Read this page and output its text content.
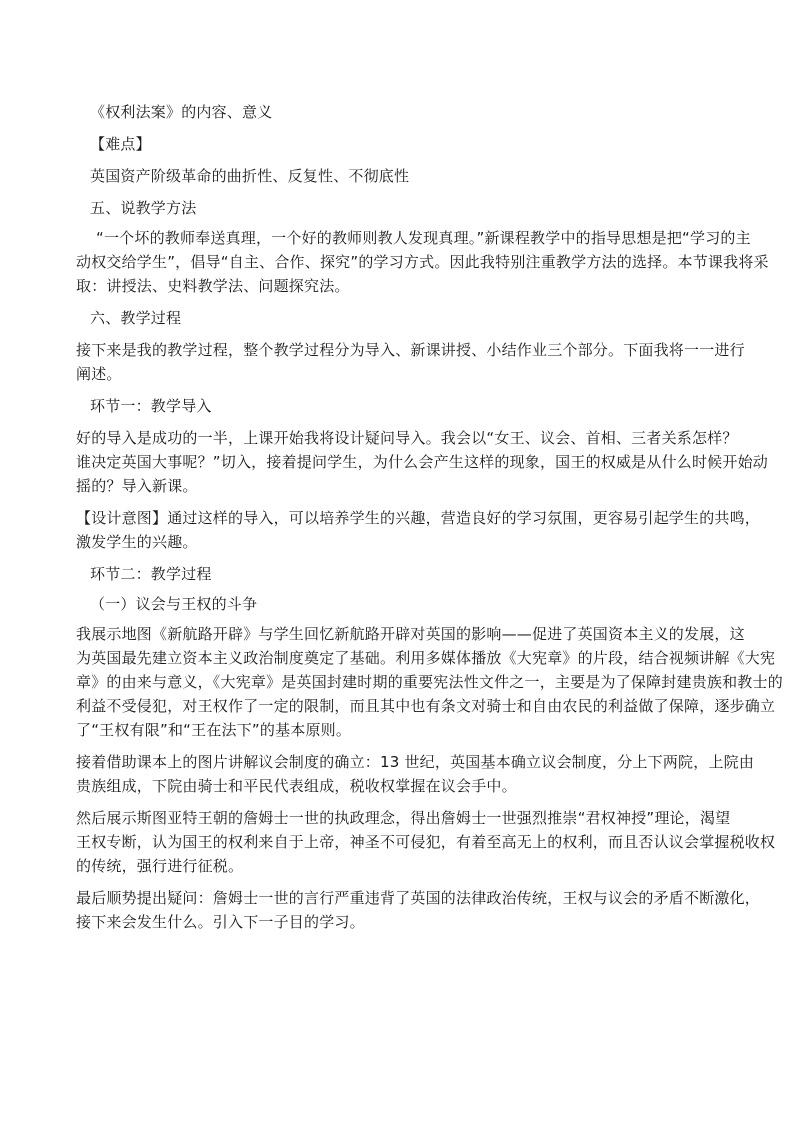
《权利法案》的内容、意义

【难点】

英国资产阶级革命的曲折性、反复性、不彻底性

五、说教学方法

“一个坏的教师奉送真理，一个好的教师则教人发现真理。”新课程教学中的指导思想是把“学习的主

动权交给学生”，倡导“自主、合作、探究”的学习方式。因此我特别注重教学方法的选择。本节课我将采

取：讲授法、史料教学法、问题探究法。

六、教学过程

接下来是我的教学过程，整个教学过程分为导入、新课讲授、小结作业三个部分。下面我将一一进行

阐述。

环节一：教学导入

好的导入是成功的一半，上课开始我将设计疑问导入。我会以“女王、议会、首相、三者关系怎样？

谁决定英国大事呢？”切入，接着提问学生，为什么会产生这样的现象，国王的权威是从什么时候开始动

摇的？导入新课。

【设计意图】通过这样的导入，可以培养学生的兴趣，营造良好的学习氛围，更容易引起学生的共鸣，

激发学生的兴趣。

环节二：教学过程

（一）议会与王权的斗争

我展示地图《新航路开辟》与学生回忆新航路开辟对英国的影响——促进了英国资本主义的发展，这

为英国最先建立资本主义政治制度奠定了基础。利用多媒体播放《大宪章》的片段，结合视频讲解《大宪

章》的由来与意义，《大宪章》是英国封建时期的重要宪法性文件之一，主要是为了保障封建贵族和教士的

利益不受侵犯，对王权作了一定的限制，而且其中也有条文对骑士和自由农民的利益做了保障，逐步确立

了“王权有限”和“王在法下”的基本原则。

接着借助课本上的图片讲解议会制度的确立：13 世纪，英国基本确立议会制度，分上下两院，上院由

贵族组成，下院由骑士和平民代表组成，税收权掌握在议会手中。

然后展示斯图亚特王朝的詹姆士一世的执政理念，得出詹姆士一世强烈推崇“君权神授”理论，渴望

王权专断，认为国王的权利来自于上帝，神圣不可侵犯，有着至高无上的权利，而且否认议会掌握税收权

的传统，强行进行征税。

最后顺势提出疑问：詹姆士一世的言行严重违背了英国的法律政治传统，王权与议会的矛盾不断激化，

接下来会发生什么。引入下一子目的学习。
